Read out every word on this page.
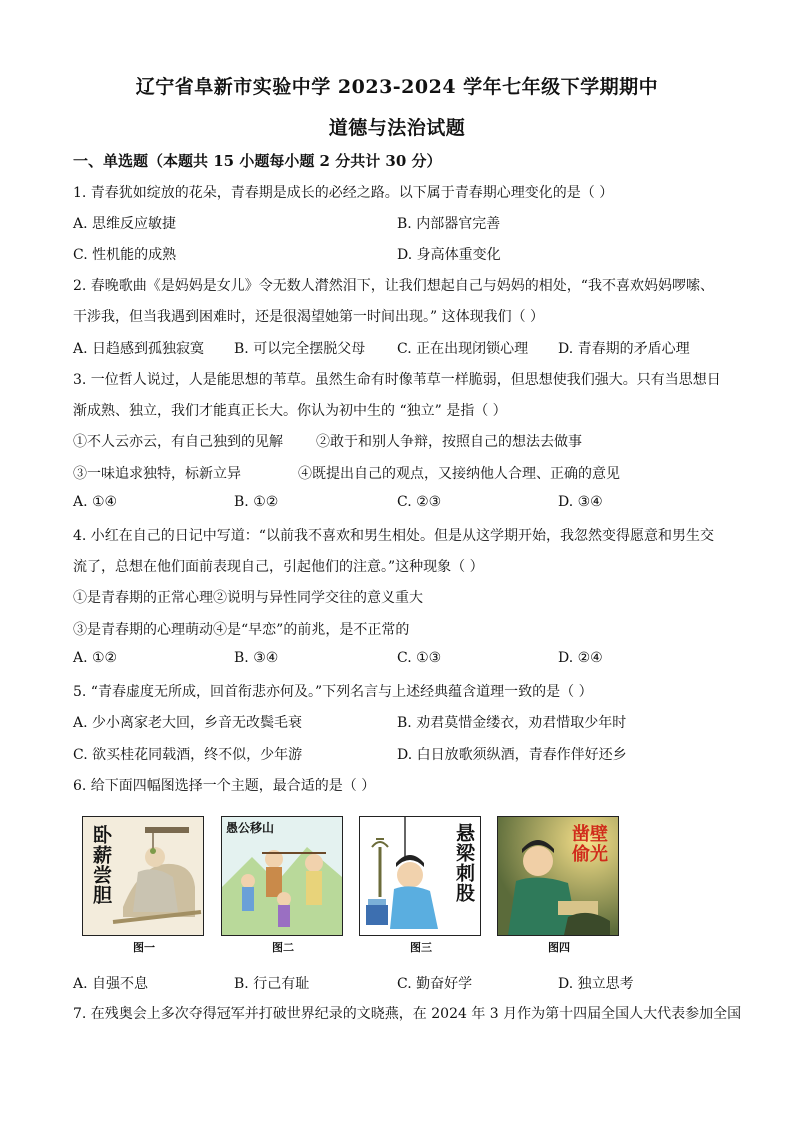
辽宁省阜新市实验中学 2023-2024 学年七年级下学期期中
道德与法治试题
一、单选题（本题共 15 小题每小题 2 分共计 30 分）
1. 青春犹如绽放的花朵，青春期是成长的必经之路。以下属于青春期心理变化的是（ ）
A. 思维反应敏捷	B. 内部器官完善
C. 性机能的成熟	D. 身高体重变化
2. 春晚歌曲《是妈妈是女儿》令无数人潸然泪下，让我们想起自己与妈妈的相处，“我不喜欢妈妈啰嗦、
干涉我，但当我遇到困难时，还是很渴望她第一时间出现。” 这体现我们（ ）
A. 日趋感到孤独寂寞 B. 可以完全摆脱父母 C. 正在出现闭锁心理 D. 青春期的矛盾心理
3. 一位哲人说过，人是能思想的苇草。虽然生命有时像苇草一样脆弱，但思想使我们强大。只有当思想日
渐成熟、独立，我们才能真正长大。你认为初中生的 “独立” 是指（ ）
①不人云亦云，有自己独到的见解 ②敢于和别人争辩，按照自己的想法去做事
③一味追求独特，标新立异	④既提出自己的观点，又接纳他人合理、正确的意见
A. ①④	B. ①②	C. ②③	D. ③④
4. 小红在自己的日记中写道：“以前我不喜欢和男生相处。但是从这学期开始，我忽然变得愿意和男生交
流了，总想在他们面前表现自己，引起他们的注意。”这种现象（ ）
①是青春期的正常心理②说明与异性同学交往的意义重大
③是青春期的心理萌动④是“早恋”的前兆，是不正常的
A. ①②	B. ③④	C. ①③	D. ②④
5. “青春虚度无所成，回首衔悲亦何及。”下列名言与上述经典蕴含道理一致的是（ ）
A. 少小离家老大回，乡音无改鬓毛衰	B. 劝君莫惜金缕衣，劝君惜取少年时
C. 欲买桂花同载酒，终不似，少年游	D. 白日放歌须纵酒，青春作伴好还乡
6. 给下面四幅图选择一个主题，最合适的是（ ）
卧薪尝胆
图一
愚公移山
图二
悬梁刺股
图三
凿壁偷光
图四
A. 自强不息	B. 行己有耻	C. 勤奋好学	D. 独立思考
7. 在残奥会上多次夺得冠军并打破世界纪录的文晓燕，在 2024 年 3 月作为第十四届全国人大代表参加全国
